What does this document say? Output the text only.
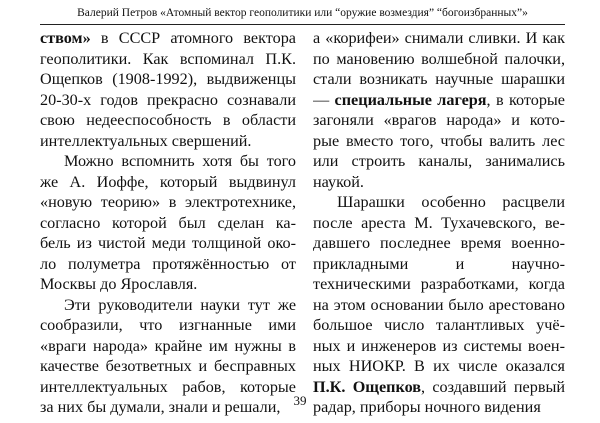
Валерий Петров «Атомный вектор геополитики или “оружие возмездия” “богоизбранных”»
ством» в СССР атомного вектора
геополитики. Как вспоминал П.К.
Ощепков (1908-1992), выдвиженцы
20-30-х годов прекрасно сознавали
свою недееспособность в области
интеллектуальных свершений.
Можно вспомнить хотя бы того
же А. Иоффе, который выдвинул
«новую теорию» в электротехнике,
согласно которой был сделан ка-
бель из чистой меди толщиной око-
ло полуметра протяжённостью от
Москвы до Ярославля.
Эти руководители науки тут же
сообразили, что изгнанные ими
«враги народа» крайне им нужны в
качестве безответных и бесправных
интеллектуальных рабов, которые
за них бы думали, знали и решали,
а «корифеи» снимали сливки. И как
по мановению волшебной палочки,
стали возникать научные шарашки
— специальные лагеря, в которые
загоняли «врагов народа» и кото-
рые вместо того, чтобы валить лес
или строить каналы, занимались
наукой.
Шарашки особенно расцвели
после ареста М. Тухачевского, ве-
давшего последнее время военно-
прикладными и научно-
техническими разработками, когда
на этом основании было арестовано
большое число талантливых учё-
ных и инженеров из системы воен-
ных НИОКР. В их числе оказался
П.К. Ощепков, создавший первый
радар, приборы ночного видения
39
